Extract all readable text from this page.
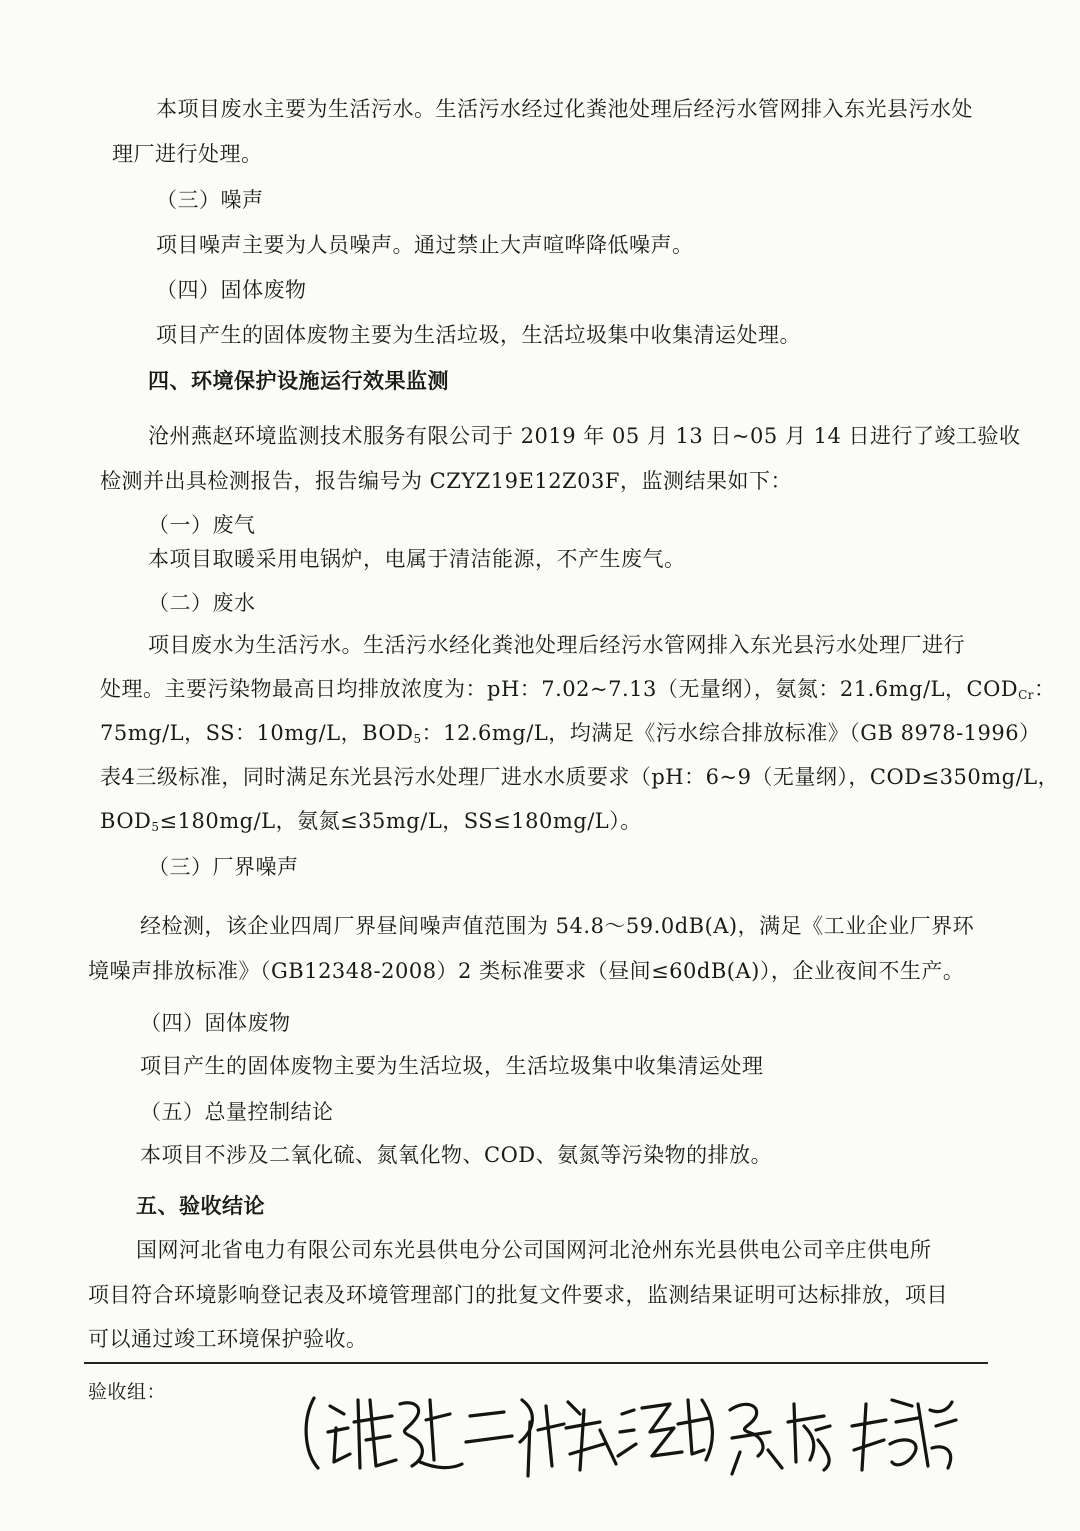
本项目废水主要为生活污水。生活污水经过化粪池处理后经污水管网排入东光县污水处
理厂进行处理。
（三）噪声
项目噪声主要为人员噪声。通过禁止大声喧哗降低噪声。
（四）固体废物
项目产生的固体废物主要为生活垃圾，生活垃圾集中收集清运处理。
四、环境保护设施运行效果监测
沧州燕赵环境监测技术服务有限公司于 2019 年 05 月 13 日~05 月 14 日进行了竣工验收
检测并出具检测报告，报告编号为 CZYZ19E12Z03F，监测结果如下：
（一）废气
本项目取暖采用电锅炉，电属于清洁能源，不产生废气。
（二）废水
项目废水为生活污水。生活污水经化粪池处理后经污水管网排入东光县污水处理厂进行
处理。主要污染物最高日均排放浓度为：pH：7.02~7.13（无量纲），氨氮：21.6mg/L，$COD_{Cr}$：
75mg/L，SS：10mg/L，$BOD_5$：12.6mg/L，均满足《污水综合排放标准》（GB 8978-1996）
表4三级标准，同时满足东光县污水处理厂进水水质要求（pH：6~9（无量纲），COD≤350mg/L，
$BOD_5\le 180mg/L$，氨氮≤35mg/L，SS≤180mg/L）。
（三）厂界噪声
经检测，该企业四周厂界昼间噪声值范围为 54.8～59.0dB(A)，满足《工业企业厂界环
境噪声排放标准》（GB12348-2008）2 类标准要求（昼间≤60dB(A)），企业夜间不生产。
（四）固体废物
项目产生的固体废物主要为生活垃圾，生活垃圾集中收集清运处理
（五）总量控制结论
本项目不涉及二氧化硫、氮氧化物、COD、氨氮等污染物的排放。
五、验收结论
国网河北省电力有限公司东光县供电分公司国网河北沧州东光县供电公司辛庄供电所
项目符合环境影响登记表及环境管理部门的批复文件要求，监测结果证明可达标排放，项目
可以通过竣工环境保护验收。
验收组：
